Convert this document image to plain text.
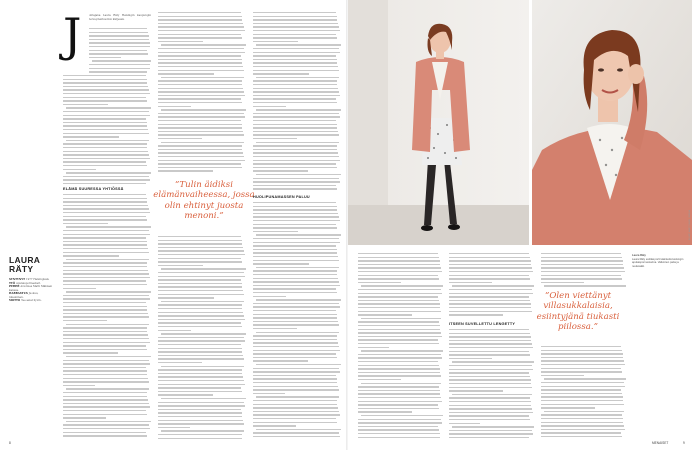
J	ohtajana Laura Räty Helsingin kaupungin terveydenhuollon kärjessä.
ELÄMÄ SUURESSA YHTIÖSSÄ	”Tulin äidiksi elämänvaiheessa, jossa olin ehtinyt juosta menoni.”
HUOLIPUNAMASSEN PALUU
LAURA RÄTY
SYNTYNYT 1977 Helsingissä.
TYÖ Apulaispormestari.
PERHE Aviomies Matti Mäkisen kanssa.
HARRASTUS Juoksu, lukeminen.
MOTTO Tee asiat hyvin.
8
KUVAT: KARTTUNEN / MEDIA
ITSEEN SUVELLETTU LENGETTY
”Olen viettänyt villasukkalaisia, esiintyjänä tiukasti piilossa.”
Laura Räty
Laura Räty esittää portt käänteitä Helsingin apulaispormestarina. Valkoinen paita ja neuletakki.
MENAISET	9
